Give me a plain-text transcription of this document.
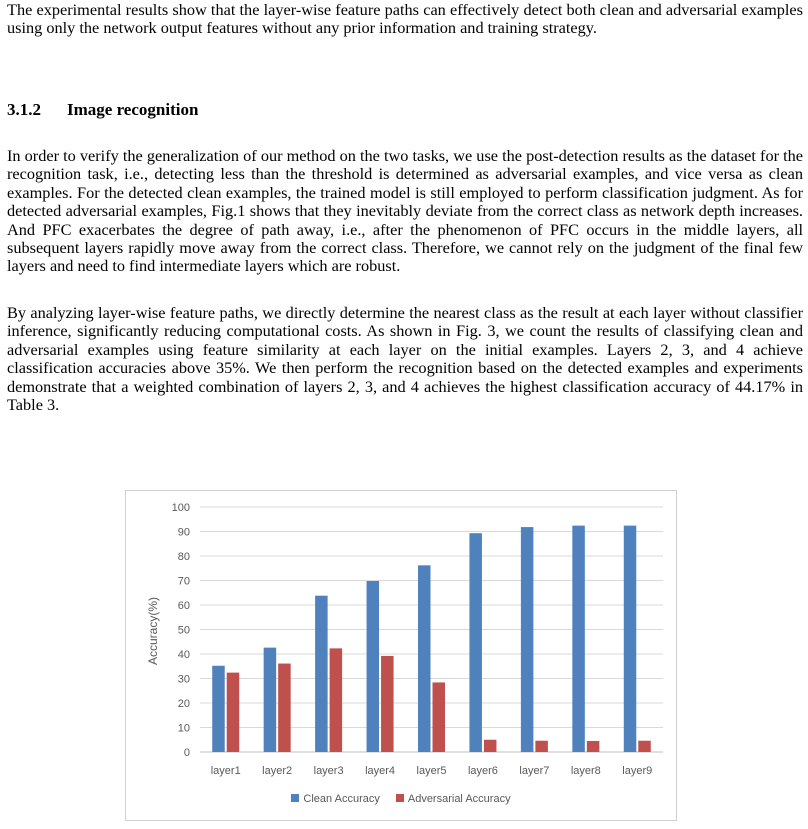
The experimental results show that the layer-wise feature paths can effectively detect both clean and adversarial examples using only the network output features without any prior information and training strategy.

3.1.2 Image recognition

In order to verify the generalization of our method on the two tasks, we use the post-detection results as the dataset for the recognition task, i.e., detecting less than the threshold is determined as adversarial examples, and vice versa as clean examples. For the detected clean examples, the trained model is still employed to perform classification judgment. As for detected adversarial examples, Fig.1 shows that they inevitably deviate from the correct class as network depth increases. And PFC exacerbates the degree of path away, i.e., after the phenomenon of PFC occurs in the middle layers, all subsequent layers rapidly move away from the correct class. Therefore, we cannot rely on the judgment of the final few layers and need to find intermediate layers which are robust.

By analyzing layer-wise feature paths, we directly determine the nearest class as the result at each layer without classifier inference, significantly reducing computational costs. As shown in Fig. 3, we count the results of classifying clean and adversarial examples using feature similarity at each layer on the initial examples. Layers 2, 3, and 4 achieve classification accuracies above 35%. We then perform the recognition based on the detected examples and experiments demonstrate that a weighted combination of layers 2, 3, and 4 achieves the highest classification accuracy of 44.17% in Table 3.

Accuracy(%)
0
10
20
30
40
50
60
70
80
90
100
layer1 layer2 layer3 layer4 layer5 layer6 layer7 layer8 layer9
Clean Accuracy	Adversarial Accuracy
